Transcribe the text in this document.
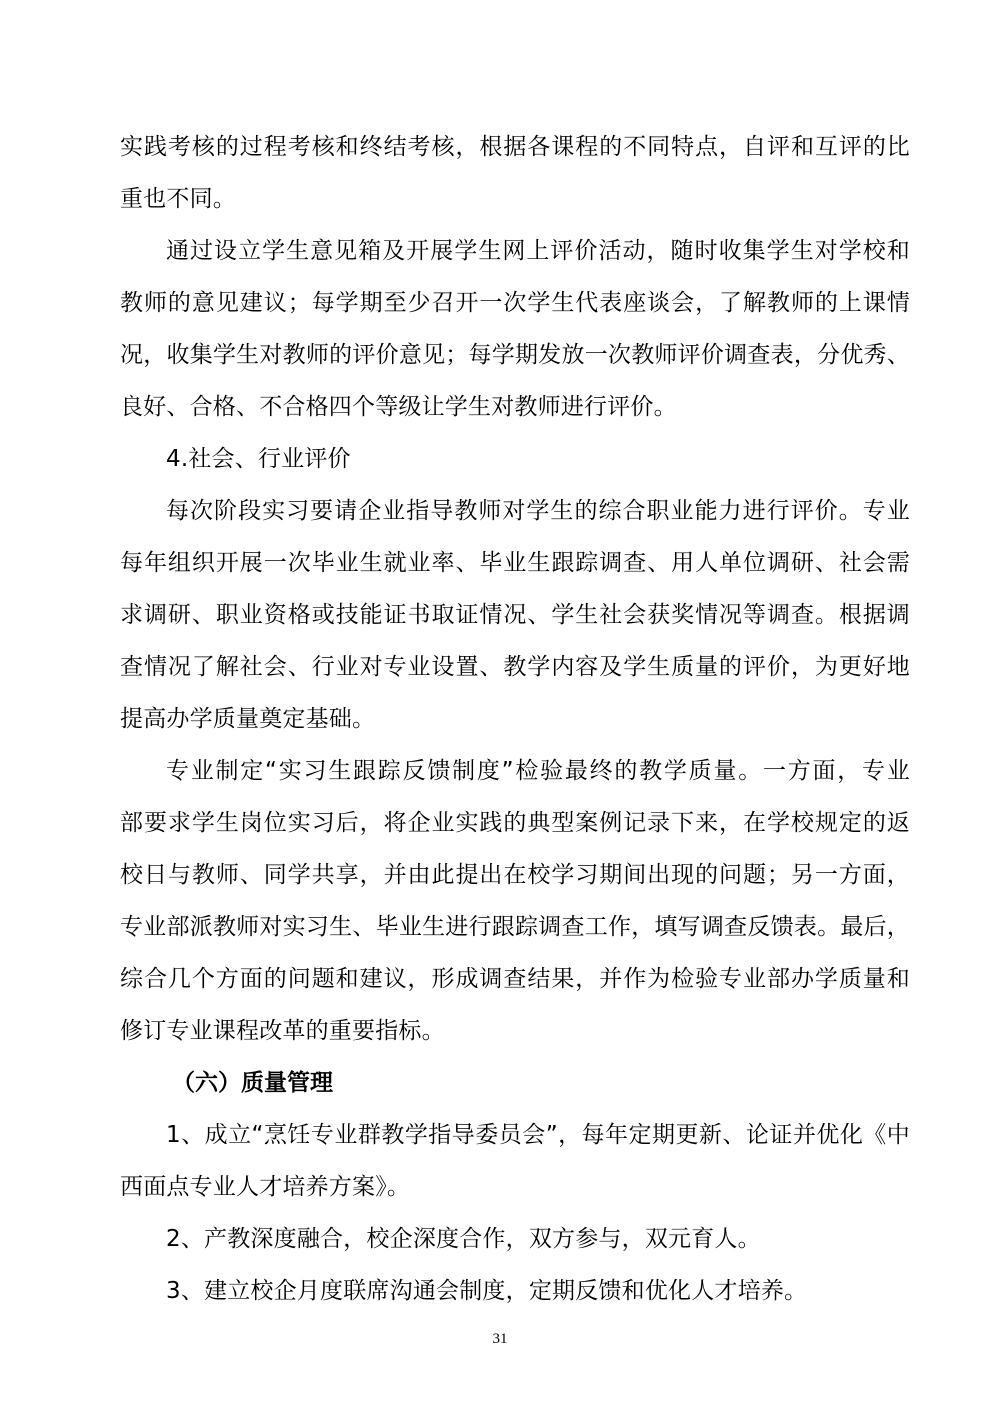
实践考核的过程考核和终结考核，根据各课程的不同特点，自评和互评的比
重也不同。
通过设立学生意见箱及开展学生网上评价活动，随时收集学生对学校和
教师的意见建议；每学期至少召开一次学生代表座谈会，了解教师的上课情
况，收集学生对教师的评价意见；每学期发放一次教师评价调查表，分优秀、
良好、合格、不合格四个等级让学生对教师进行评价。
4.社会、行业评价
每次阶段实习要请企业指导教师对学生的综合职业能力进行评价。专业
每年组织开展一次毕业生就业率、毕业生跟踪调查、用人单位调研、社会需
求调研、职业资格或技能证书取证情况、学生社会获奖情况等调查。根据调
查情况了解社会、行业对专业设置、教学内容及学生质量的评价，为更好地
提高办学质量奠定基础。
专业制定“实习生跟踪反馈制度”检验最终的教学质量。一方面，专业
部要求学生岗位实习后，将企业实践的典型案例记录下来，在学校规定的返
校日与教师、同学共享，并由此提出在校学习期间出现的问题；另一方面，
专业部派教师对实习生、毕业生进行跟踪调查工作，填写调查反馈表。最后，
综合几个方面的问题和建议，形成调查结果，并作为检验专业部办学质量和
修订专业课程改革的重要指标。
（六）质量管理
1、成立“烹饪专业群教学指导委员会”，每年定期更新、论证并优化《中
西面点专业人才培养方案》。
2、产教深度融合，校企深度合作，双方参与，双元育人。
3、建立校企月度联席沟通会制度，定期反馈和优化人才培养。
31
